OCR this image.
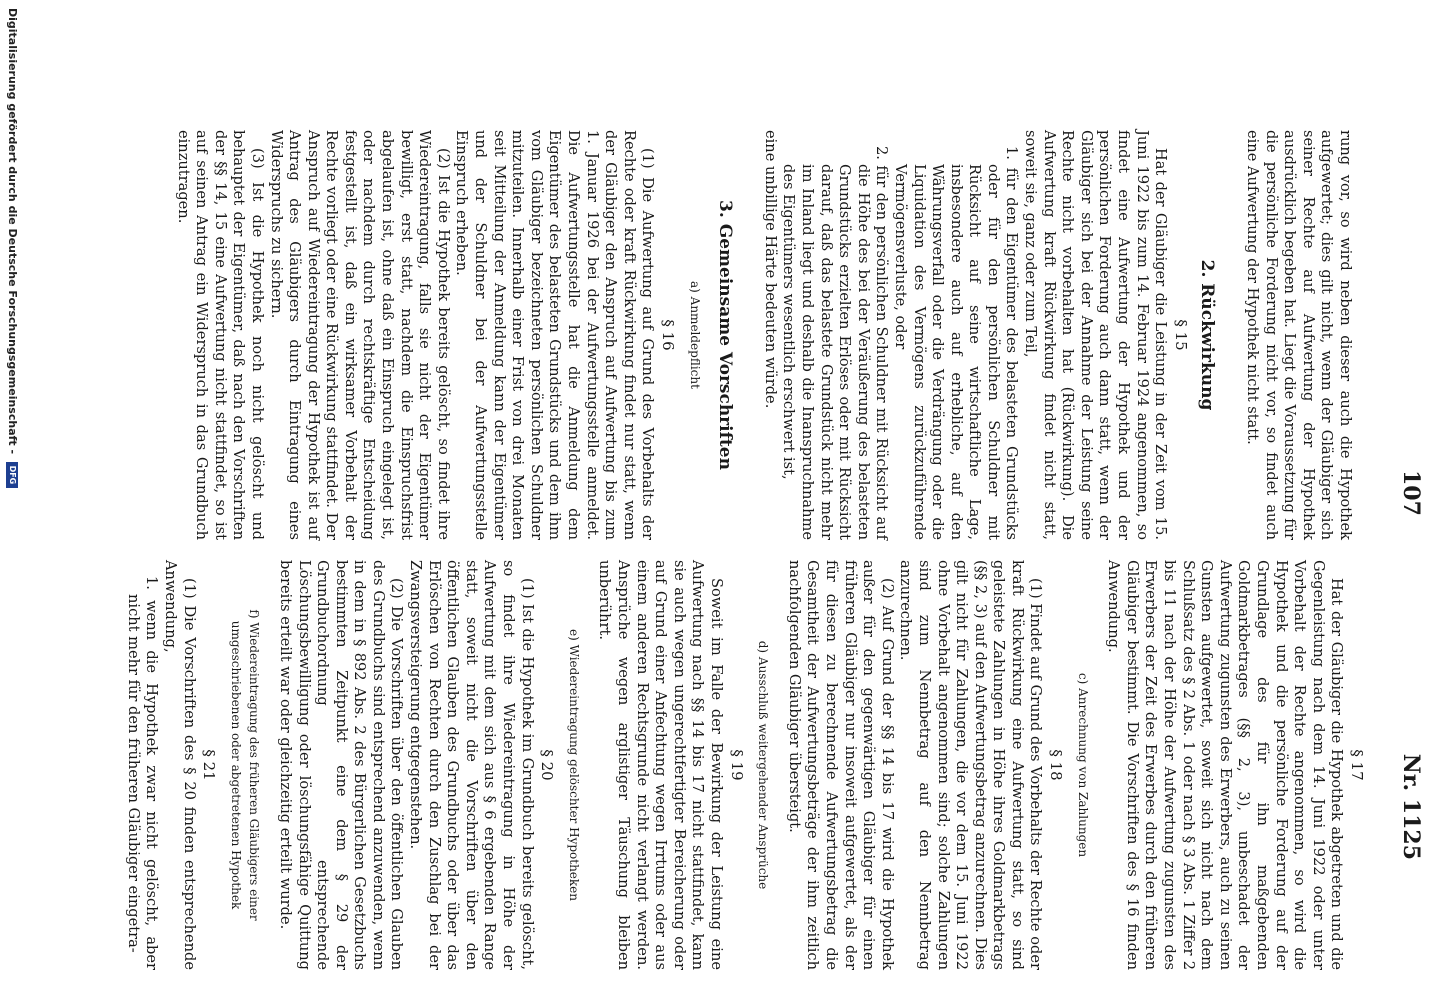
107
Nr. 1125

rung vor, so wird neben dieser auch die Hypothek aufgewertet; dies gilt nicht, wenn der Gläubiger sich seiner Rechte auf Aufwertung der Hypothek ausdrücklich begeben hat. Liegt die Voraussetzung für die persönliche Forderung nicht vor, so findet auch eine Aufwertung der Hypothek nicht statt.

2. Rückwirkung
§ 15

Hat der Gläubiger die Leistung in der Zeit vom 15. Juni 1922 bis zum 14. Februar 1924 angenommen, so findet eine Aufwertung der Hypothek und der persönlichen Forderung auch dann statt, wenn der Gläubiger sich bei der Annahme der Leistung seine Rechte nicht vorbehalten hat (Rückwirkung). Die Aufwertung kraft Rückwirkung findet nicht statt, soweit sie, ganz oder zum Teil,

1. für den Eigentümer des belasteten Grundstücks oder für den persönlichen Schuldner mit Rücksicht auf seine wirtschaftliche Lage, insbesondere auch auf erhebliche, auf den Währungsverfall oder die Verdrängung oder die Liquidation des Vermögens zurückzuführende Vermögensverluste, oder

2. für den persönlichen Schuldner mit Rücksicht auf die Höhe des bei der Veräußerung des belasteten Grundstücks erzielten Erlöses oder mit Rücksicht darauf, daß das belastete Grundstück nicht mehr im Inland liegt und deshalb die Inanspruchnahme des Eigentümers wesentlich erschwert ist,

eine unbillige Härte bedeuten würde.

3. Gemeinsame Vorschriften
a) Anmeldepflicht
§ 16

(1) Die Aufwertung auf Grund des Vorbehalts der Rechte oder kraft Rückwirkung findet nur statt, wenn der Gläubiger den Anspruch auf Aufwertung bis zum 1. Januar 1926 bei der Aufwertungsstelle anmeldet. Die Aufwertungsstelle hat die Anmeldung dem Eigentümer des belasteten Grundstücks und dem ihm vom Gläubiger bezeichneten persönlichen Schuldner mitzuteilen. Innerhalb einer Frist von drei Monaten seit Mitteilung der Anmeldung kann der Eigentümer und der Schuldner bei der Aufwertungsstelle Einspruch erheben.

(2) Ist die Hypothek bereits gelöscht, so findet ihre Wiedereintragung, falls sie nicht der Eigentümer bewilligt, erst statt, nachdem die Einspruchsfrist abgelaufen ist, ohne daß ein Einspruch eingelegt ist, oder nachdem durch rechtskräftige Entscheidung festgestellt ist, daß ein wirksamer Vorbehalt der Rechte vorliegt oder eine Rückwirkung stattfindet. Der Anspruch auf Wiedereintragung der Hypothek ist auf Antrag des Gläubigers durch Eintragung eines Widerspruchs zu sichern.

(3) Ist die Hypothek noch nicht gelöscht und behauptet der Eigentümer, daß nach den Vorschriften der §§ 14, 15 eine Aufwertung nicht stattfindet, so ist auf seinen Antrag ein Widerspruch in das Grundbuch einzutragen.

§ 17

Hat der Gläubiger die Hypothek abgetreten und die Gegenleistung nach dem 14. Juni 1922 oder unter Vorbehalt der Rechte angenommen, so wird die Hypothek und die persönliche Forderung auf der Grundlage des für ihn maßgebenden Goldmarkbetrages (§§ 2, 3), unbeschadet der Aufwertung zugunsten des Erwerbers, auch zu seinen Gunsten aufgewertet, soweit sich nicht nach dem Schlußsatz des § 2 Abs. 1 oder nach § 3 Abs. 1 Ziffer 2 bis 11 nach der Höhe der Aufwertung zugunsten des Erwerbers der Zeit des Erwerbes durch den früheren Gläubiger bestimmt. Die Vorschriften des § 16 finden Anwendung.

c) Anrechnung von Zahlungen
§ 18

(1) Findet auf Grund des Vorbehalts der Rechte oder kraft Rückwirkung eine Aufwertung statt, so sind geleistete Zahlungen in Höhe ihres Goldmarkbetrags (§§ 2, 3) auf den Aufwertungsbetrag anzurechnen. Dies gilt nicht für Zahlungen, die vor dem 15. Juni 1922 ohne Vorbehalt angenommen sind; solche Zahlungen sind zum Nennbetrag auf den Nennbetrag anzurechnen.

(2) Auf Grund der §§ 14 bis 17 wird die Hypothek außer für den gegenwärtigen Gläubiger für einen früheren Gläubiger nur insoweit aufgewertet, als der für diesen zu berechnende Aufwertungsbetrag die Gesamtheit der Aufwertungsbeträge der ihm zeitlich nachfolgenden Gläubiger übersteigt.

d) Ausschluß weitergehender Ansprüche
§ 19

Soweit im Falle der Bewirkung der Leistung eine Aufwertung nach §§ 14 bis 17 nicht stattfindet, kann sie auch wegen ungerechtfertigter Bereicherung oder auf Grund einer Anfechtung wegen Irrtums oder aus einem anderen Rechtsgrunde nicht verlangt werden. Ansprüche wegen arglistiger Täuschung bleiben unberührt.

e) Wiedereintragung gelöschter Hypotheken
§ 20

(1) Ist die Hypothek im Grundbuch bereits gelöscht, so findet ihre Wiedereintragung in Höhe der Aufwertung mit dem sich aus § 6 ergebenden Range statt, soweit nicht die Vorschriften über den öffentlichen Glauben des Grundbuchs oder über das Erlöschen von Rechten durch den Zuschlag bei der Zwangsversteigerung entgegenstehen.

(2) Die Vorschriften über den öffentlichen Glauben des Grundbuchs sind entsprechend anzuwenden, wenn in dem in § 892 Abs. 2 des Bürgerlichen Gesetzbuchs bestimmten Zeitpunkt eine dem § 29 der Grundbuchordnung entsprechende Löschungsbewilligung oder löschungsfähige Quittung bereits erteilt war oder gleichzeitig erteilt wurde.

f) Wiedereintragung des früheren Gläubigers einer umgeschriebenen oder abgetretenen Hypothek
§ 21

(1) Die Vorschriften des § 20 finden entsprechende Anwendung,

1. wenn die Hypothek zwar nicht gelöscht, aber nicht mehr für den früheren Gläubiger eingetra-

Digitalisierung gefördert durch die Deutsche Forschungsgemeinschaft - DFG
